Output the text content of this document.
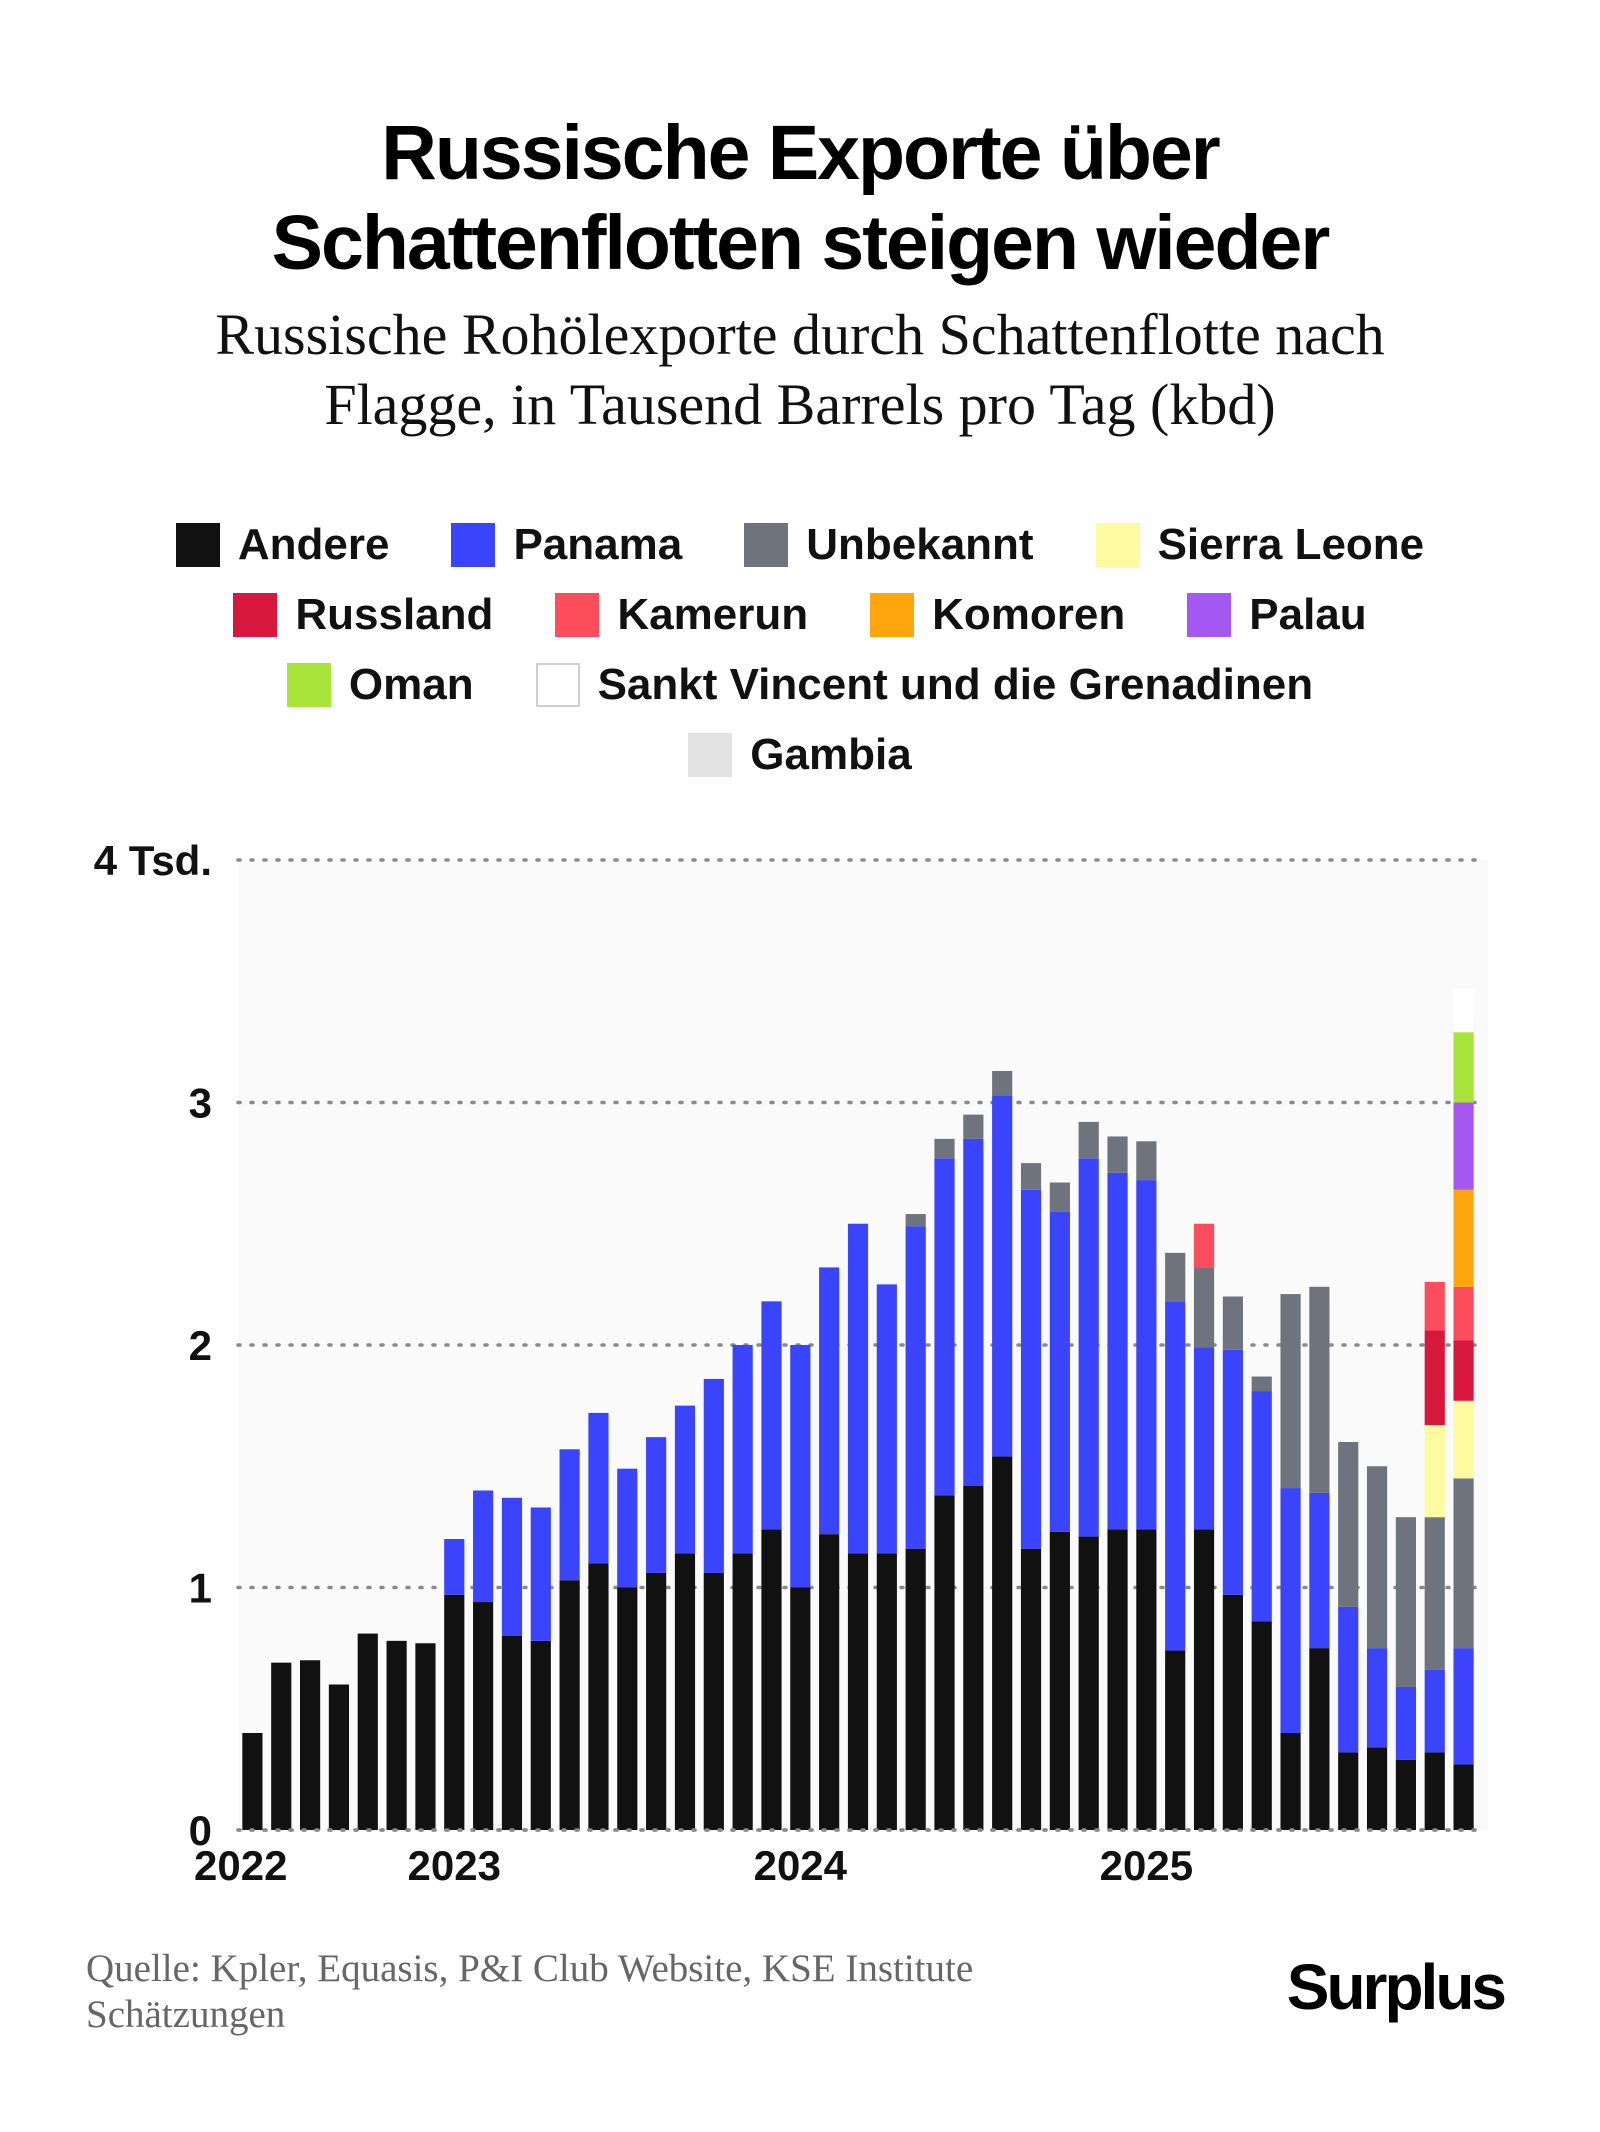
Russische Exporte über
Schattenflotten steigen wieder
Russische Rohölexporte durch Schattenflotte nach
Flagge, in Tausend Barrels pro Tag (kbd)
Andere	Panama	Unbekannt	Sierra Leone
Russland	Kamerun	Komoren	Palau
Oman	Sankt Vincent und die Grenadinen
Gambia
0
1
2
3
4 Tsd.
2022	2023	2024	2025
Quelle: Kpler, Equasis, P&I Club Website, KSE Institute
Schätzungen	Surplus
